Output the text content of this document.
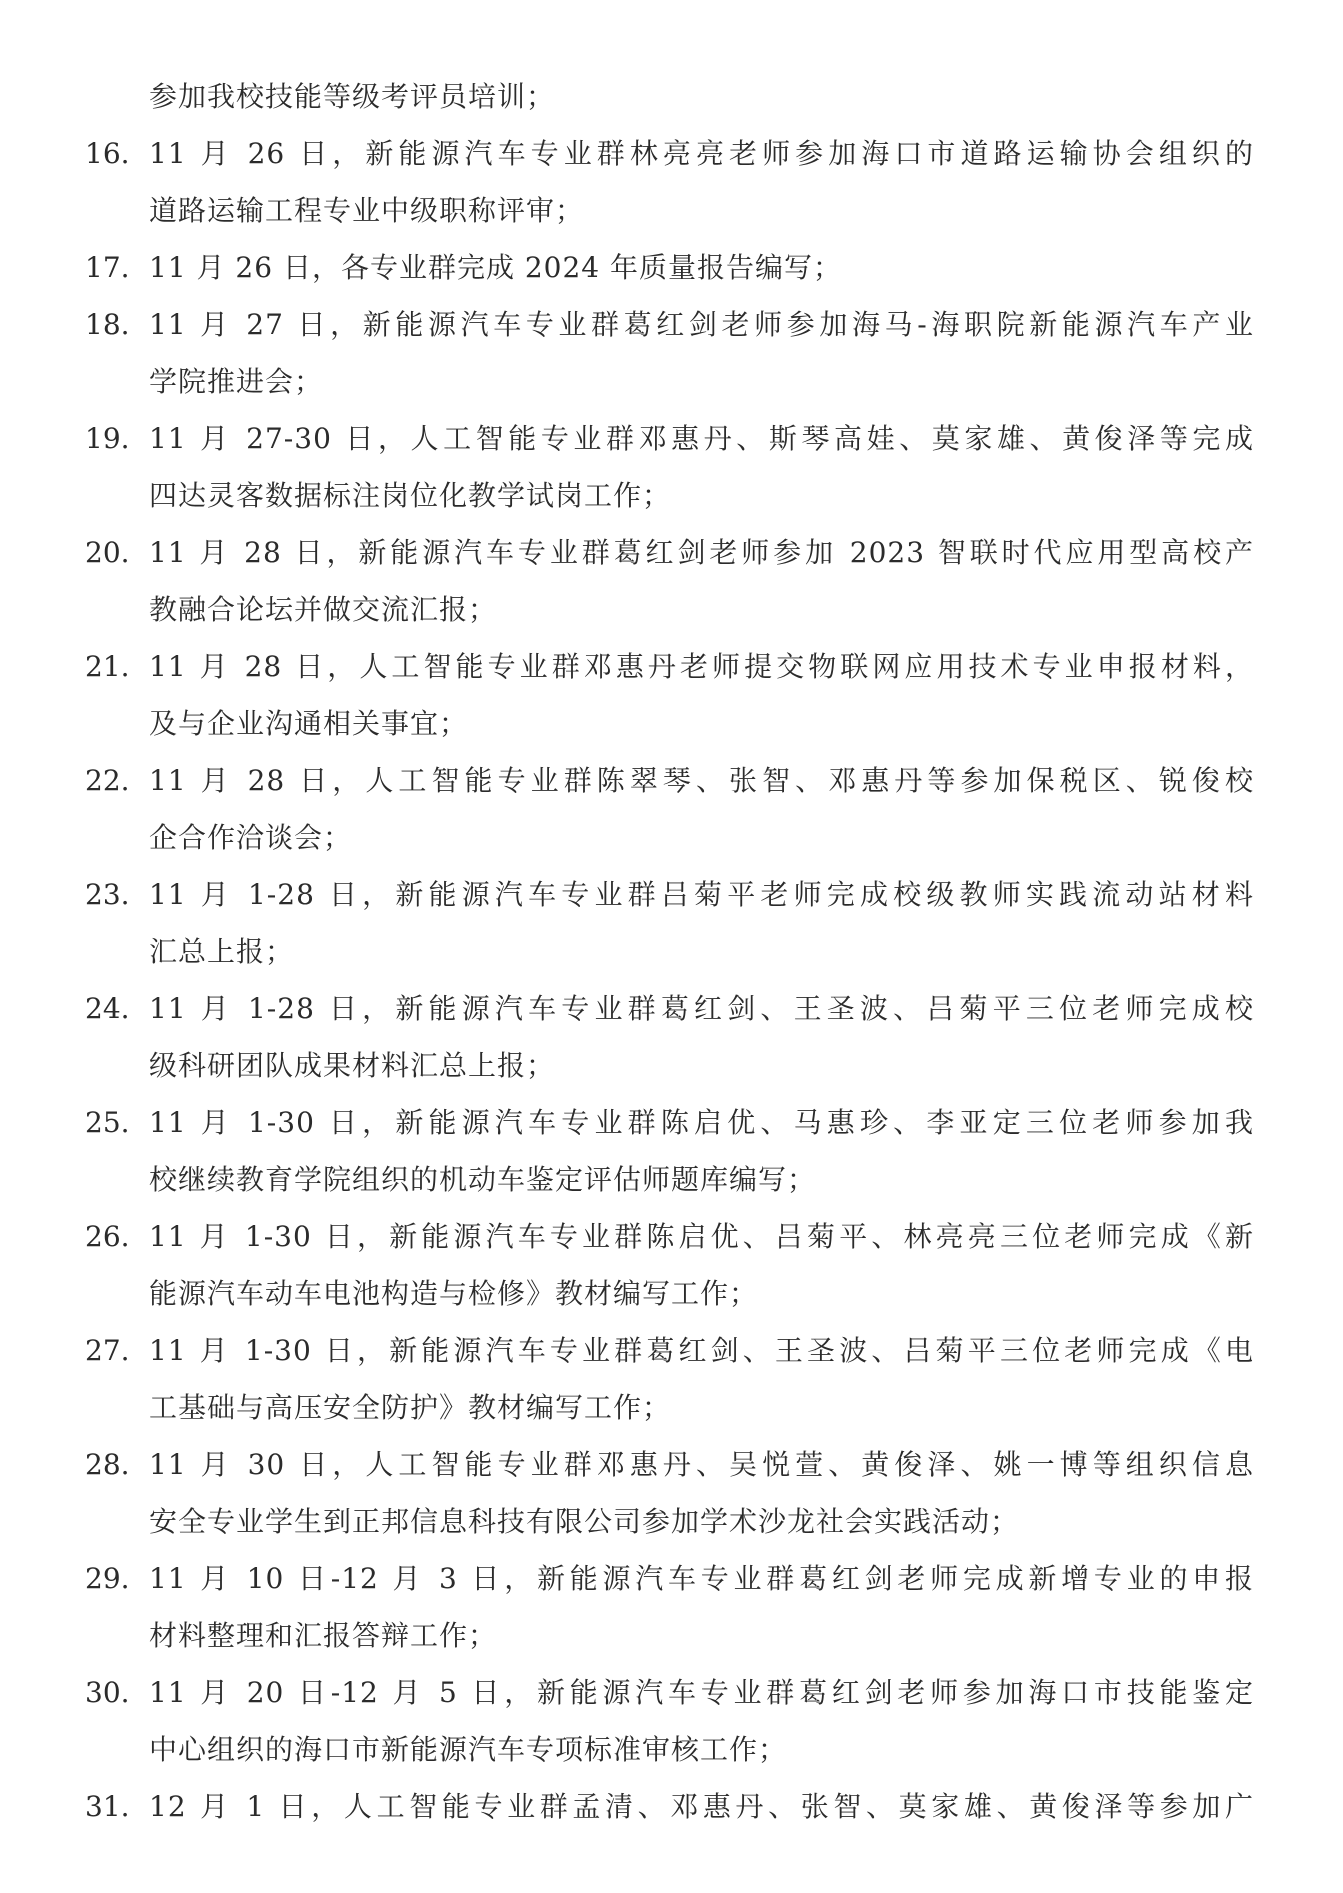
参加我校技能等级考评员培训；
16. 11 月 26 日，新能源汽车专业群林亮亮老师参加海口市道路运输协会组织的
道路运输工程专业中级职称评审；
17. 11 月 26 日，各专业群完成 2024 年质量报告编写；
18. 11 月 27 日，新能源汽车专业群葛红剑老师参加海马-海职院新能源汽车产业
学院推进会；
19. 11 月 27-30 日，人工智能专业群邓惠丹、斯琴高娃、莫家雄、黄俊泽等完成
四达灵客数据标注岗位化教学试岗工作；
20. 11 月 28 日，新能源汽车专业群葛红剑老师参加 2023 智联时代应用型高校产
教融合论坛并做交流汇报；
21. 11 月 28 日，人工智能专业群邓惠丹老师提交物联网应用技术专业申报材料，
及与企业沟通相关事宜；
22. 11 月 28 日，人工智能专业群陈翠琴、张智、邓惠丹等参加保税区、锐俊校
企合作洽谈会；
23. 11 月 1-28 日，新能源汽车专业群吕菊平老师完成校级教师实践流动站材料
汇总上报；
24. 11 月 1-28 日，新能源汽车专业群葛红剑、王圣波、吕菊平三位老师完成校
级科研团队成果材料汇总上报；
25. 11 月 1-30 日，新能源汽车专业群陈启优、马惠珍、李亚定三位老师参加我
校继续教育学院组织的机动车鉴定评估师题库编写；
26. 11 月 1-30 日，新能源汽车专业群陈启优、吕菊平、林亮亮三位老师完成《新
能源汽车动车电池构造与检修》教材编写工作；
27. 11 月 1-30 日，新能源汽车专业群葛红剑、王圣波、吕菊平三位老师完成《电
工基础与高压安全防护》教材编写工作；
28. 11 月 30 日，人工智能专业群邓惠丹、吴悦萱、黄俊泽、姚一博等组织信息
安全专业学生到正邦信息科技有限公司参加学术沙龙社会实践活动；
29. 11 月 10 日-12 月 3 日，新能源汽车专业群葛红剑老师完成新增专业的申报
材料整理和汇报答辩工作；
30. 11 月 20 日-12 月 5 日，新能源汽车专业群葛红剑老师参加海口市技能鉴定
中心组织的海口市新能源汽车专项标准审核工作；
31. 12 月 1 日，人工智能专业群孟清、邓惠丹、张智、莫家雄、黄俊泽等参加广
